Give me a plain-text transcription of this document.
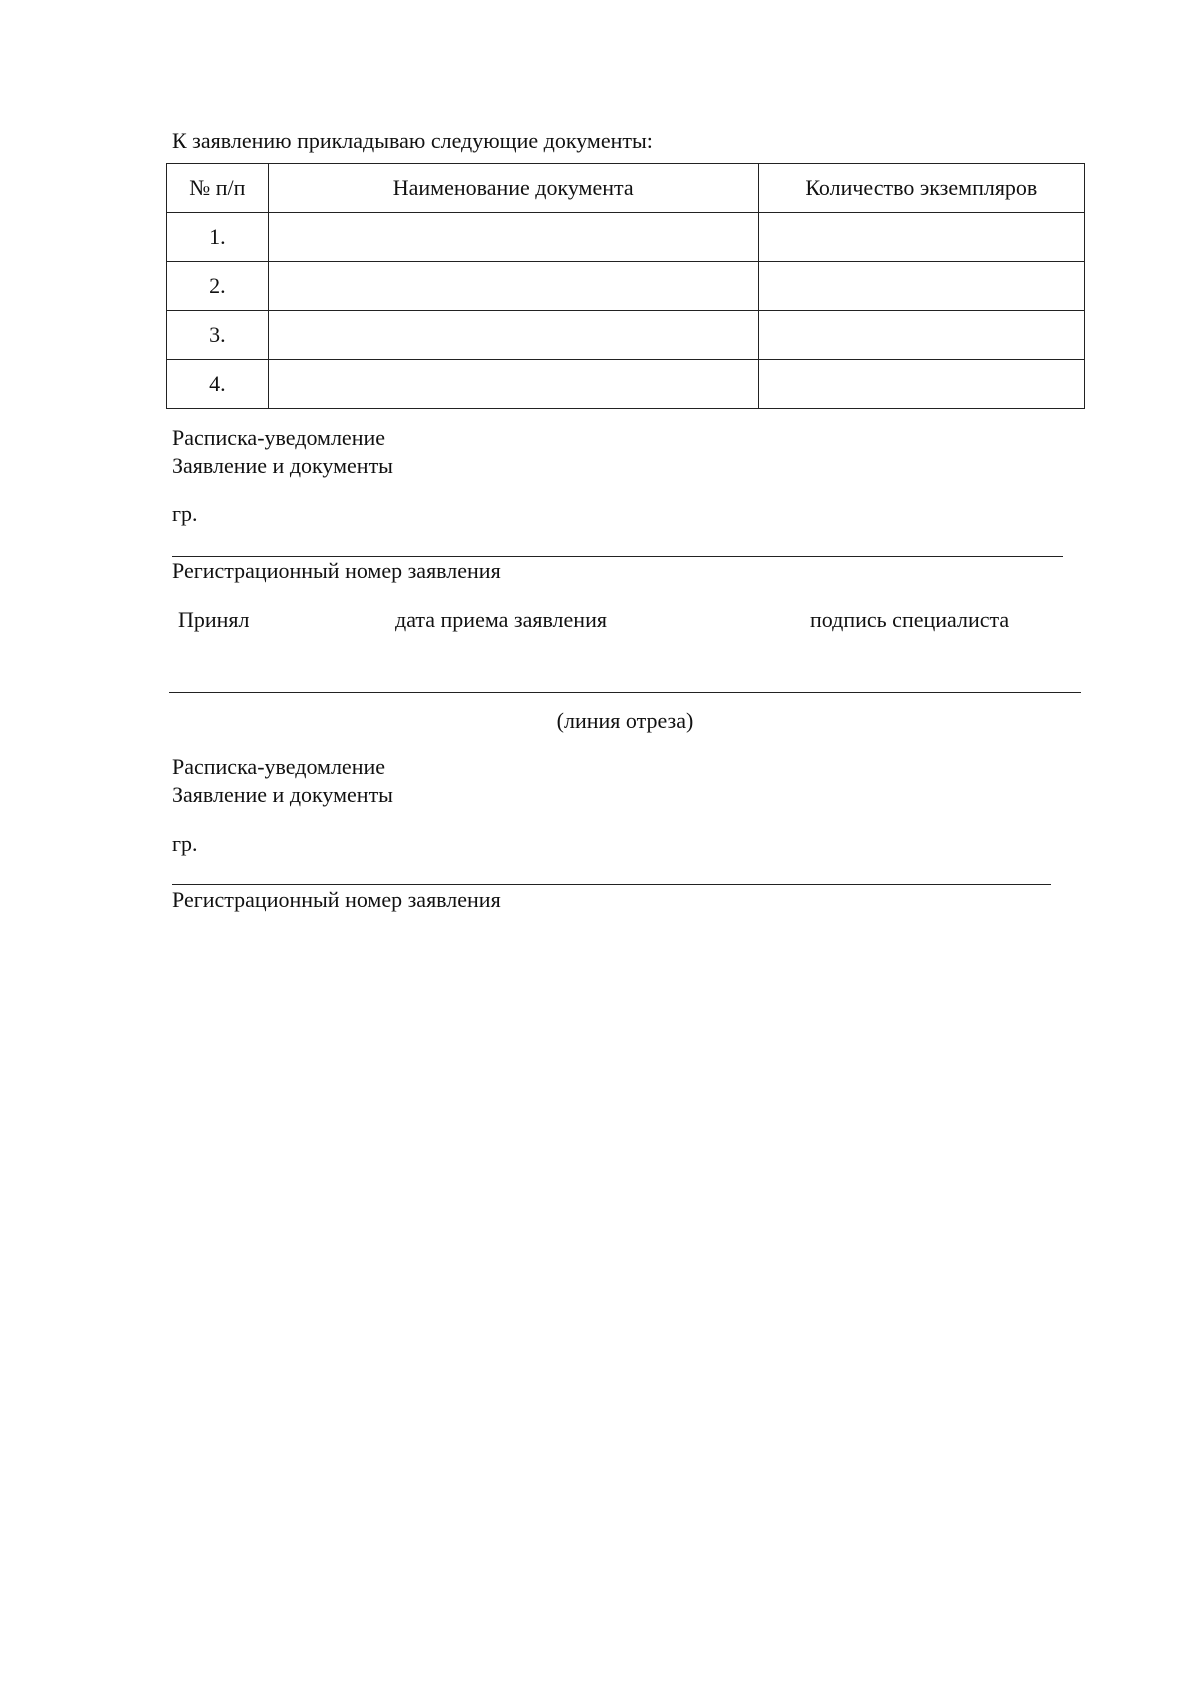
К заявлению прикладываю следующие документы:
№ п/п	Наименование документа	Количество экземпляров
1.		
2.		
3.		
4.		
Расписка-уведомление
Заявление и документы
гр.
Регистрационный номер заявления
Принял	дата приема заявления	подпись специалиста
(линия отреза)
Расписка-уведомление
Заявление и документы
гр.
Регистрационный номер заявления
